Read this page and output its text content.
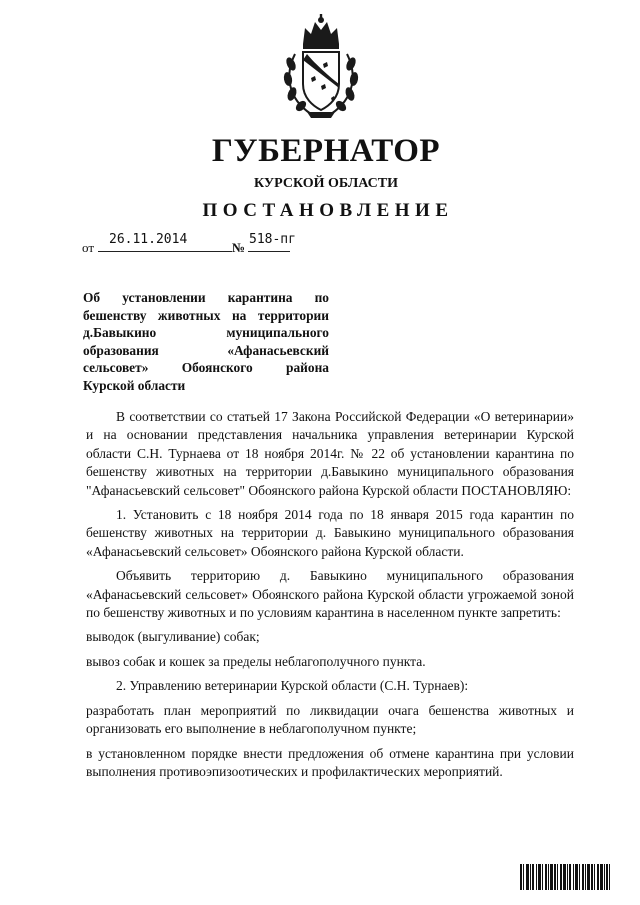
ГУБЕРНАТОР
КУРСКОЙ ОБЛАСТИ
ПОСТАНОВЛЕНИЕ
от
26.11.2014
№
518-пг
Об установлении карантина по
бешенству животных на территории
д.Бавыкино муниципального
образования «Афанасьевский
сельсовет» Обоянского района
Курской области

В соответствии со статьей 17 Закона Российской Федерации «О ветеринарии» и на основании представления начальника управления ветеринарии Курской области С.Н. Турнаева от 18 ноября 2014г. № 22 об установлении карантина по бешенству животных на территории д.Бавыкино муниципального образования "Афанасьевский сельсовет" Обоянского района Курской области ПОСТАНОВЛЯЮ:

1. Установить с 18 ноября 2014 года по 18 января 2015 года карантин по бешенству животных на территории д. Бавыкино муниципального образования «Афанасьевский сельсовет» Обоянского района Курской области.

Объявить территорию д. Бавыкино муниципального образования «Афанасьевский сельсовет» Обоянского района Курской области угрожаемой зоной по бешенству животных и по условиям карантина в населенном пункте запретить:

выводок (выгуливание) собак;

вывоз собак и кошек за пределы неблагополучного пункта.

2. Управлению ветеринарии Курской области (С.Н. Турнаев):

разработать план мероприятий по ликвидации очага бешенства животных и организовать его выполнение в неблагополучном пункте;

в установленном порядке внести предложения об отмене карантина при условии выполнения противоэпизоотических и профилактических мероприятий.
